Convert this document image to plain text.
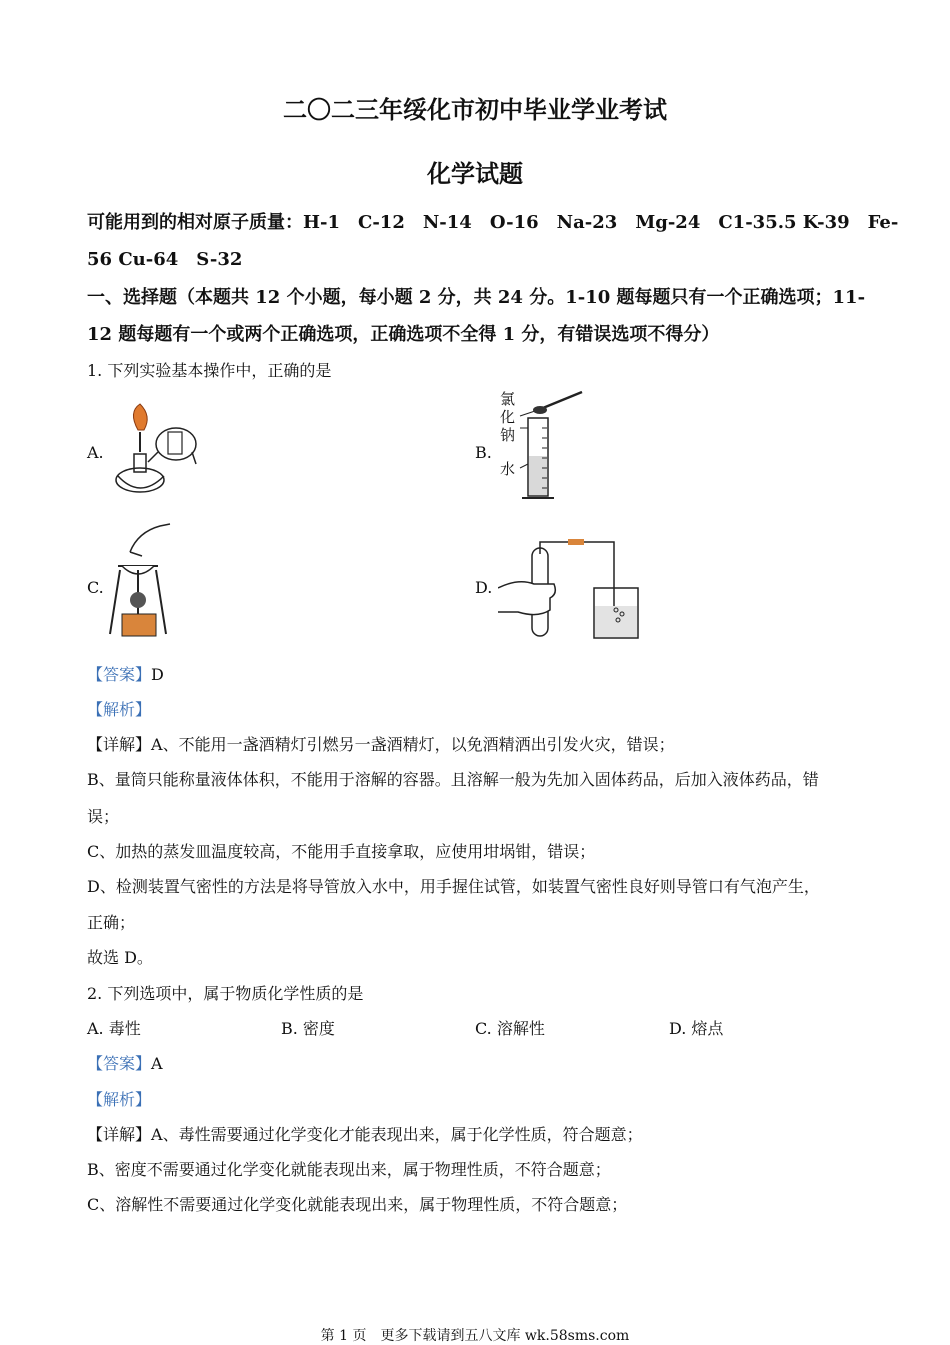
二〇二三年绥化市初中毕业学业考试
化学试题
可能用到的相对原子质量：H-1　C-12　N-14　O-16　Na-23　Mg-24　C1-35.5 K-39　Fe-
56 Cu-64　S-32
一、选择题（本题共 12 个小题，每小题 2 分，共 24 分。1-10 题每题只有一个正确选项；11-
12 题每题有一个或两个正确选项，正确选项不全得 1 分，有错误选项不得分）
1. 下列实验基本操作中，正确的是
A.	B.
氯
化
钠
水
C.	D.
【答案】D
【解析】
【详解】A、不能用一盏酒精灯引燃另一盏酒精灯，以免酒精洒出引发火灾，错误；
B、量筒只能称量液体体积，不能用于溶解的容器。且溶解一般为先加入固体药品，后加入液体药品，错
误；
C、加热的蒸发皿温度较高，不能用手直接拿取，应使用坩埚钳，错误；
D、检测装置气密性的方法是将导管放入水中，用手握住试管，如装置气密性良好则导管口有气泡产生，
正确；
故选 D。
2. 下列选项中，属于物质化学性质的是
A. 毒性	B. 密度	C. 溶解性	D. 熔点
【答案】A
【解析】
【详解】A、毒性需要通过化学变化才能表现出来，属于化学性质，符合题意；
B、密度不需要通过化学变化就能表现出来，属于物理性质，不符合题意；
C、溶解性不需要通过化学变化就能表现出来，属于物理性质，不符合题意；
第 1 页　更多下载请到五八文库 wk.58sms.com
